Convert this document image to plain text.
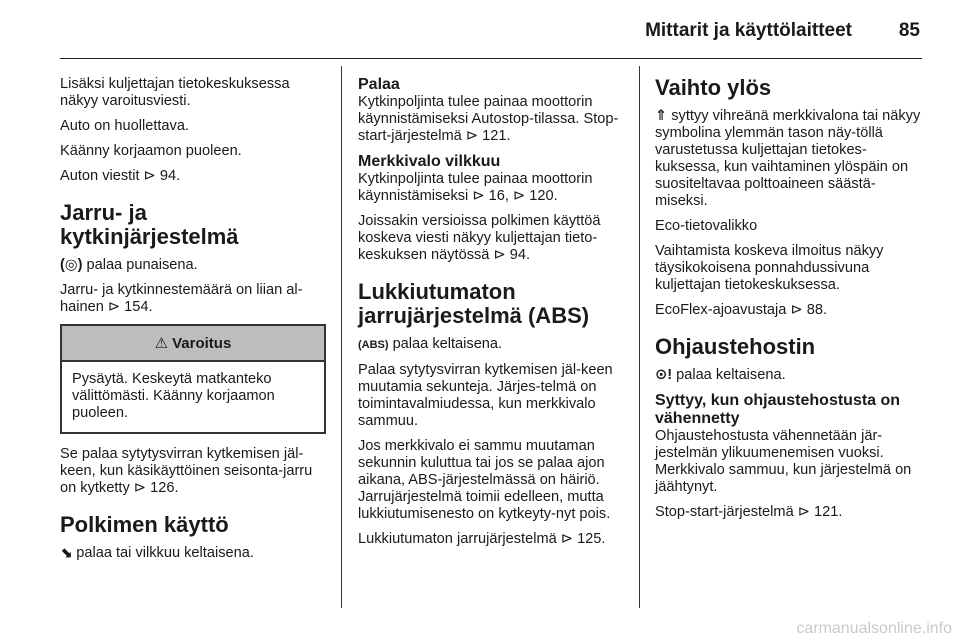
Mittarit ja käyttölaitteet 85

Lisäksi kuljettajan tietokeskuksessa näkyy varoitusviesti.

Auto on huollettava.

Käänny korjaamon puoleen.

Auton viestit ⊳ 94.

Jarru- ja kytkinjärjestelmä

(◎) palaa punaisena.

Jarru- ja kytkinnestemäärä on liian al-hainen ⊳ 154.

⚠ Varoitus
Pysäytä. Keskeytä matkanteko välittömästi. Käänny korjaamon puoleen.

Se palaa sytytysvirran kytkemisen jäl-keen, kun käsikäyttöinen seisonta-jarru on kytketty ⊳ 126.

Polkimen käyttö

⬊ palaa tai vilkkuu keltaisena.

Palaa

Kytkinpoljinta tulee painaa moottorin käynnistämiseksi Autostop-tilassa. Stop-start-järjestelmä ⊳ 121.

Merkkivalo vilkkuu

Kytkinpoljinta tulee painaa moottorin käynnistämiseksi ⊳ 16, ⊳ 120.

Joissakin versioissa polkimen käyttöä koskeva viesti näkyy kuljettajan tieto-keskuksen näytössä ⊳ 94.

Lukkiutumaton jarrujärjestelmä (ABS)

(ABS) palaa keltaisena.

Palaa sytytysvirran kytkemisen jäl-keen muutamia sekunteja. Järjes-telmä on toimintavalmiudessa, kun merkkivalo sammuu.

Jos merkkivalo ei sammu muutaman sekunnin kuluttua tai jos se palaa ajon aikana, ABS-järjestelmässä on häiriö. Jarrujärjestelmä toimii edelleen, mutta lukkiutumisenesto on kytkeyty-nyt pois.

Lukkiutumaton jarrujärjestelmä ⊳ 125.

Vaihto ylös

⇑ syttyy vihreänä merkkivalona tai näkyy symbolina ylemmän tason näy-töllä varustetussa kuljettajan tietokes-kuksessa, kun vaihtaminen ylöspäin on suositeltavaa polttoaineen säästä-miseksi.

Eco-tietovalikko

Vaihtamista koskeva ilmoitus näkyy täysikokoisena ponnahdussivuna kuljettajan tietokeskuksessa.

EcoFlex-ajoavustaja ⊳ 88.

Ohjaustehostin

⊙! palaa keltaisena.

Syttyy, kun ohjaustehostusta on vähennetty

Ohjaustehostusta vähennetään jär-jestelmän ylikuumenemisen vuoksi. Merkkivalo sammuu, kun järjestelmä on jäähtynyt.

Stop-start-järjestelmä ⊳ 121.

carmanualsonline.info
